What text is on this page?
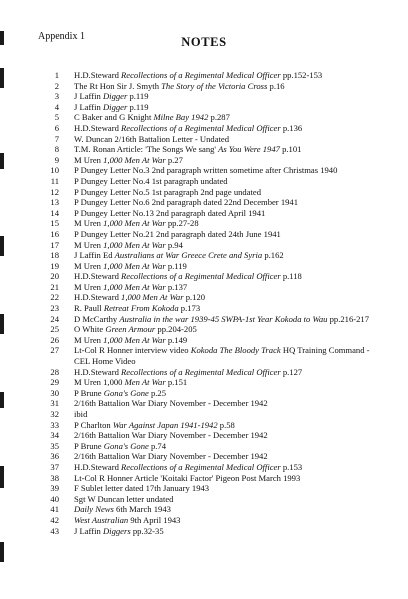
Appendix 1	NOTES
1	H.D.Steward Recollections of a Regimental Medical Officer pp.152-153
2	The Rt Hon Sir J. Smyth The Story of the Victoria Cross p.16
3	J Laffin Digger p.119
4	J Laffin Digger p.119
5	C Baker and G Knight Milne Bay 1942 p.287
6	H.D.Steward Recollections of a Regimental Medical Officer p.136
7	W. Duncan 2/16th Battalion Letter - Undated
8	T.M. Ronan Article: 'The Songs We sang' As You Were 1947 p.101
9	M Uren 1,000 Men At War p.27
10	P Dungey Letter No.3 2nd paragraph written sometime after Christmas 1940
11	P Dungey Letter No.4 1st paragraph undated
12	P Dungey Letter No.5 1st paragraph 2nd page undated
13	P Dungey Letter No.6 2nd paragraph dated 22nd December 1941
14	P Dungey Letter No.13 2nd paragraph dated April 1941
15	M Uren 1,000 Men At War pp.27-28
16	P Dungey Letter No.21 2nd paragraph dated 24th June 1941
17	M Uren 1,000 Men At War p.94
18	J Laffin Ed Australians at War Greece Crete and Syria p.162
19	M Uren 1,000 Men At War p.119
20	H.D.Steward Recollections of a Regimental Medical Officer p.118
21	M Uren 1,000 Men At War p.137
22	H.D.Steward 1,000 Men At War p.120
23	R. Paull Retreat From Kokoda p.173
24	D McCarthy Australia in the war 1939-45 SWPA-1st Year Kokoda to Wau pp.216-217
25	O White Green Armour pp.204-205
26	M Uren 1,000 Men At War p.149
27	Lt-Col R Honner interview video Kokoda The Bloody Track HQ Training Command - CEL Home Video
28	H.D.Steward Recollections of a Regimental Medical Officer p.127
29	M Uren 1,000 Men At War p.151
30	P Brune Gona's Gone p.25
31	2/16th Battalion War Diary November - December 1942
32	ibid
33	P Charlton War Against Japan 1941-1942 p.58
34	2/16th Battalion War Diary November - December 1942
35	P Brune Gona's Gone p.74
36	2/16th Battalion War Diary November - December 1942
37	H.D.Steward Recollections of a Regimental Medical Officer p.153
38	Lt-Col R Honner Article 'Koitaki Factor' Pigeon Post March 1993
39	F Sublet letter dated 17th January 1943
40	Sgt W Duncan letter undated
41	Daily News 6th March 1943
42	West Australian 9th April 1943
43	J Laffin Diggers pp.32-35
